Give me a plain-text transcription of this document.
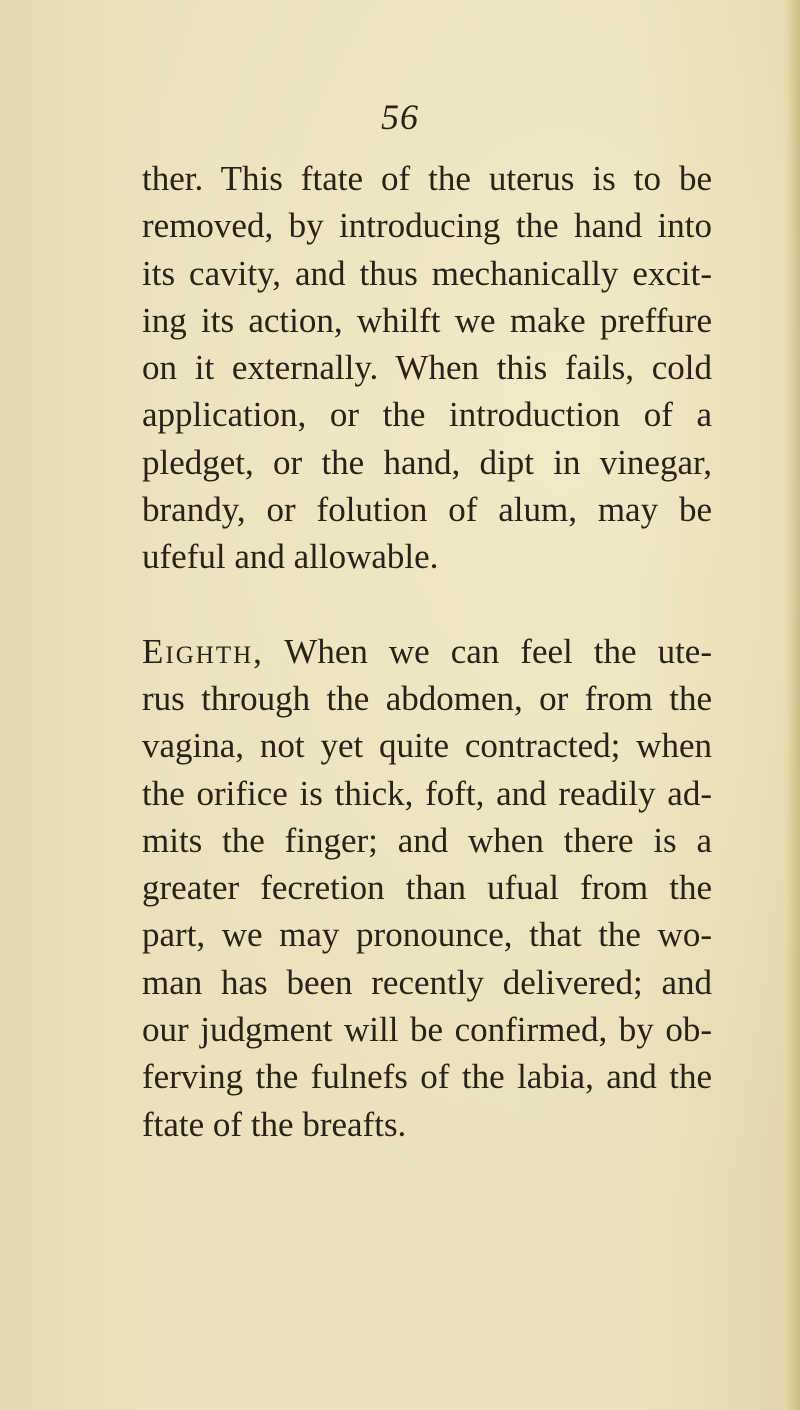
56
ther. This ftate of the uterus is to be
removed, by introducing the hand into
its cavity, and thus mechanically excit-
ing its action, whilft we make preffure
on it externally. When this fails, cold
application, or the introduction of a
pledget, or the hand, dipt in vinegar,
brandy, or folution of alum, may be
ufeful and allowable.
Eighth, When we can feel the ute-
rus through the abdomen, or from the
vagina, not yet quite contracted; when
the orifice is thick, foft, and readily ad-
mits the finger; and when there is a
greater fecretion than ufual from the
part, we may pronounce, that the wo-
man has been recently delivered; and
our judgment will be confirmed, by ob-
ferving the fulnefs of the labia, and the
ftate of the breafts.
